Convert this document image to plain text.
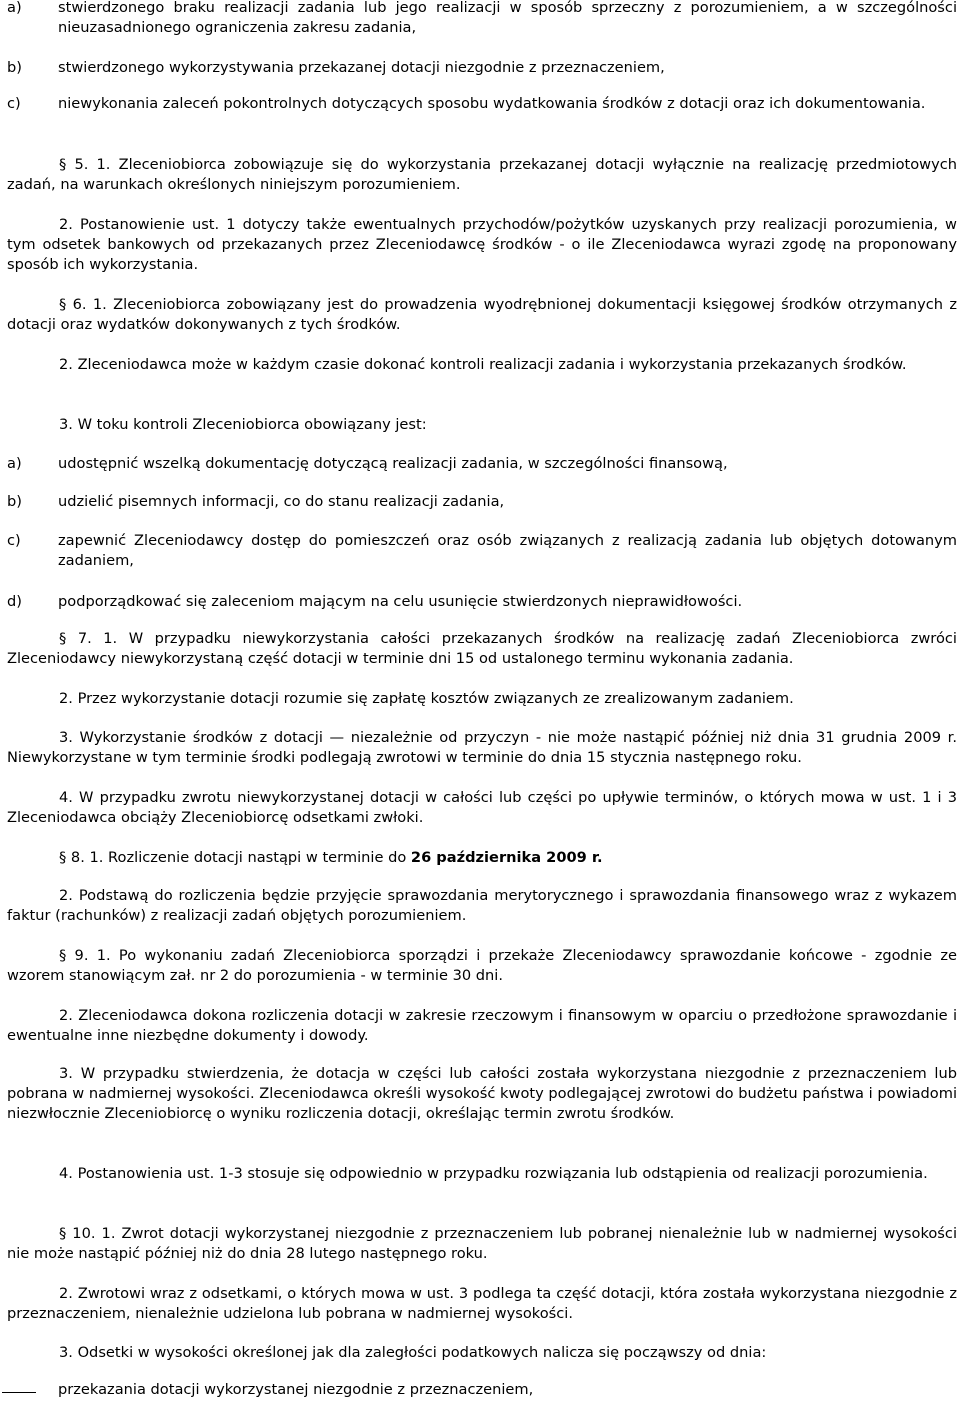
a)	stwierdzonego braku realizacji zadania lub jego realizacji w sposób sprzeczny z porozumieniem, a w szczególności nieuzasadnionego ograniczenia zakresu zadania,

b)	stwierdzonego wykorzystywania przekazanej dotacji niezgodnie z przeznaczeniem,

c)	niewykonania zaleceń pokontrolnych dotyczących sposobu wydatkowania środków z dotacji oraz ich dokumentowania.

§ 5. 1. Zleceniobiorca zobowiązuje się do wykorzystania przekazanej dotacji wyłącznie na realizację przedmiotowych zadań, na warunkach określonych niniejszym porozumieniem.

2. Postanowienie ust. 1 dotyczy także ewentualnych przychodów/pożytków uzyskanych przy realizacji porozumienia, w tym odsetek bankowych od przekazanych przez Zleceniodawcę środków - o ile Zleceniodawca wyrazi zgodę na proponowany sposób ich wykorzystania.

§ 6. 1. Zleceniobiorca zobowiązany jest do prowadzenia wyodrębnionej dokumentacji księgowej środków otrzymanych z dotacji oraz wydatków dokonywanych z tych środków.

2. Zleceniodawca może w każdym czasie dokonać kontroli realizacji zadania i wykorzystania przekazanych środków.

3. W toku kontroli Zleceniobiorca obowiązany jest:

a)	udostępnić wszelką dokumentację dotyczącą realizacji zadania, w szczególności finansową,

b)	udzielić pisemnych informacji, co do stanu realizacji zadania,

c)	zapewnić Zleceniodawcy dostęp do pomieszczeń oraz osób związanych z realizacją zadania lub objętych dotowanym zadaniem,

d)	podporządkować się zaleceniom mającym na celu usunięcie stwierdzonych nieprawidłowości.

§ 7. 1. W przypadku niewykorzystania całości przekazanych środków na realizację zadań Zleceniobiorca zwróci Zleceniodawcy niewykorzystaną część dotacji w terminie dni 15 od ustalonego terminu wykonania zadania.

2. Przez wykorzystanie dotacji rozumie się zapłatę kosztów związanych ze zrealizowanym zadaniem.

3. Wykorzystanie środków z dotacji — niezależnie od przyczyn - nie może nastąpić później niż dnia 31 grudnia 2009 r. Niewykorzystane w tym terminie środki podlegają zwrotowi w terminie do dnia 15 stycznia następnego roku.

4. W przypadku zwrotu niewykorzystanej dotacji w całości lub części po upływie terminów, o których mowa w ust. 1 i 3 Zleceniodawca obciąży Zleceniobiorcę odsetkami zwłoki.

§ 8. 1. Rozliczenie dotacji nastąpi w terminie do 26 października 2009 r.

2. Podstawą do rozliczenia będzie przyjęcie sprawozdania merytorycznego i sprawozdania finansowego wraz z wykazem faktur (rachunków) z realizacji zadań objętych porozumieniem.

§ 9. 1. Po wykonaniu zadań Zleceniobiorca sporządzi i przekaże Zleceniodawcy sprawozdanie końcowe - zgodnie ze wzorem stanowiącym zał. nr 2 do porozumienia - w terminie 30 dni.

2. Zleceniodawca dokona rozliczenia dotacji w zakresie rzeczowym i finansowym w oparciu o przedłożone sprawozdanie i ewentualne inne niezbędne dokumenty i dowody.

3. W przypadku stwierdzenia, że dotacja w części lub całości została wykorzystana niezgodnie z przeznaczeniem lub pobrana w nadmiernej wysokości. Zleceniodawca określi wysokość kwoty podlegającej zwrotowi do budżetu państwa i powiadomi niezwłocznie Zleceniobiorcę o wyniku rozliczenia dotacji, określając termin zwrotu środków.

4. Postanowienia ust. 1-3 stosuje się odpowiednio w przypadku rozwiązania lub odstąpienia od realizacji porozumienia.

§ 10. 1. Zwrot dotacji wykorzystanej niezgodnie z przeznaczeniem lub pobranej nienależnie lub w nadmiernej wysokości nie może nastąpić później niż do dnia 28 lutego następnego roku.

2. Zwrotowi wraz z odsetkami, o których mowa w ust. 3 podlega ta część dotacji, która została wykorzystana niezgodnie z przeznaczeniem, nienależnie udzielona lub pobrana w nadmiernej wysokości.

3. Odsetki w wysokości określonej jak dla zaległości podatkowych nalicza się począwszy od dnia:

przekazania dotacji wykorzystanej niezgodnie z przeznaczeniem,
